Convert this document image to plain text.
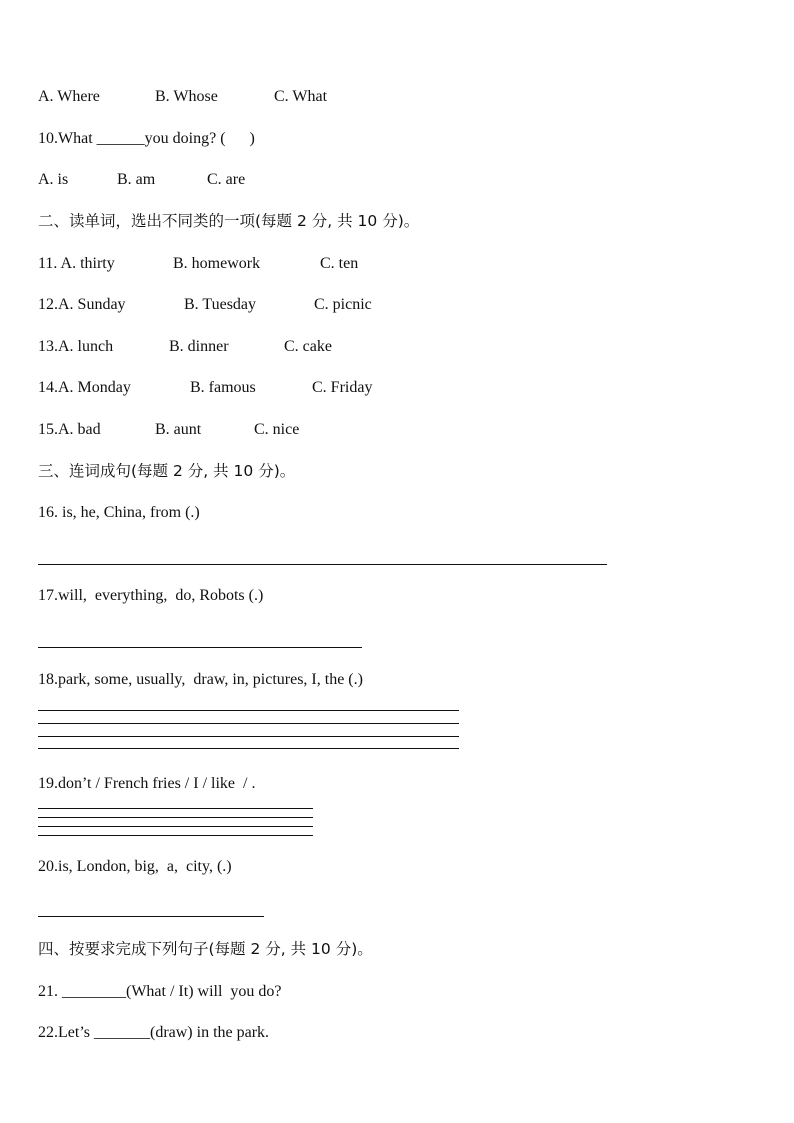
A. Where	B. Whose	C. What
10.What ______you doing? (      )
A. is	B. am	C. are
二、读单词，选出不同类的一项(每题 2 分, 共 10 分)。
11. A. thirty	B. homework	C. ten
12.A. Sunday	B. Tuesday	C. picnic
13.A. lunch	B. dinner	C. cake
14.A. Monday	B. famous	C. Friday
15.A. bad	B. aunt	C. nice
三、连词成句(每题 2 分, 共 10 分)。
16. is, he, China, from (.)
17.will,  everything,  do, Robots (.)
18.park, some, usually,  draw, in, pictures, I, the (.)
19.don’t / French fries / I / like  / .
20.is, London, big,  a,  city, (.)
四、按要求完成下列句子(每题 2 分, 共 10 分)。
21. ________(What / It) will  you do?
22.Let’s _______(draw) in the park.
